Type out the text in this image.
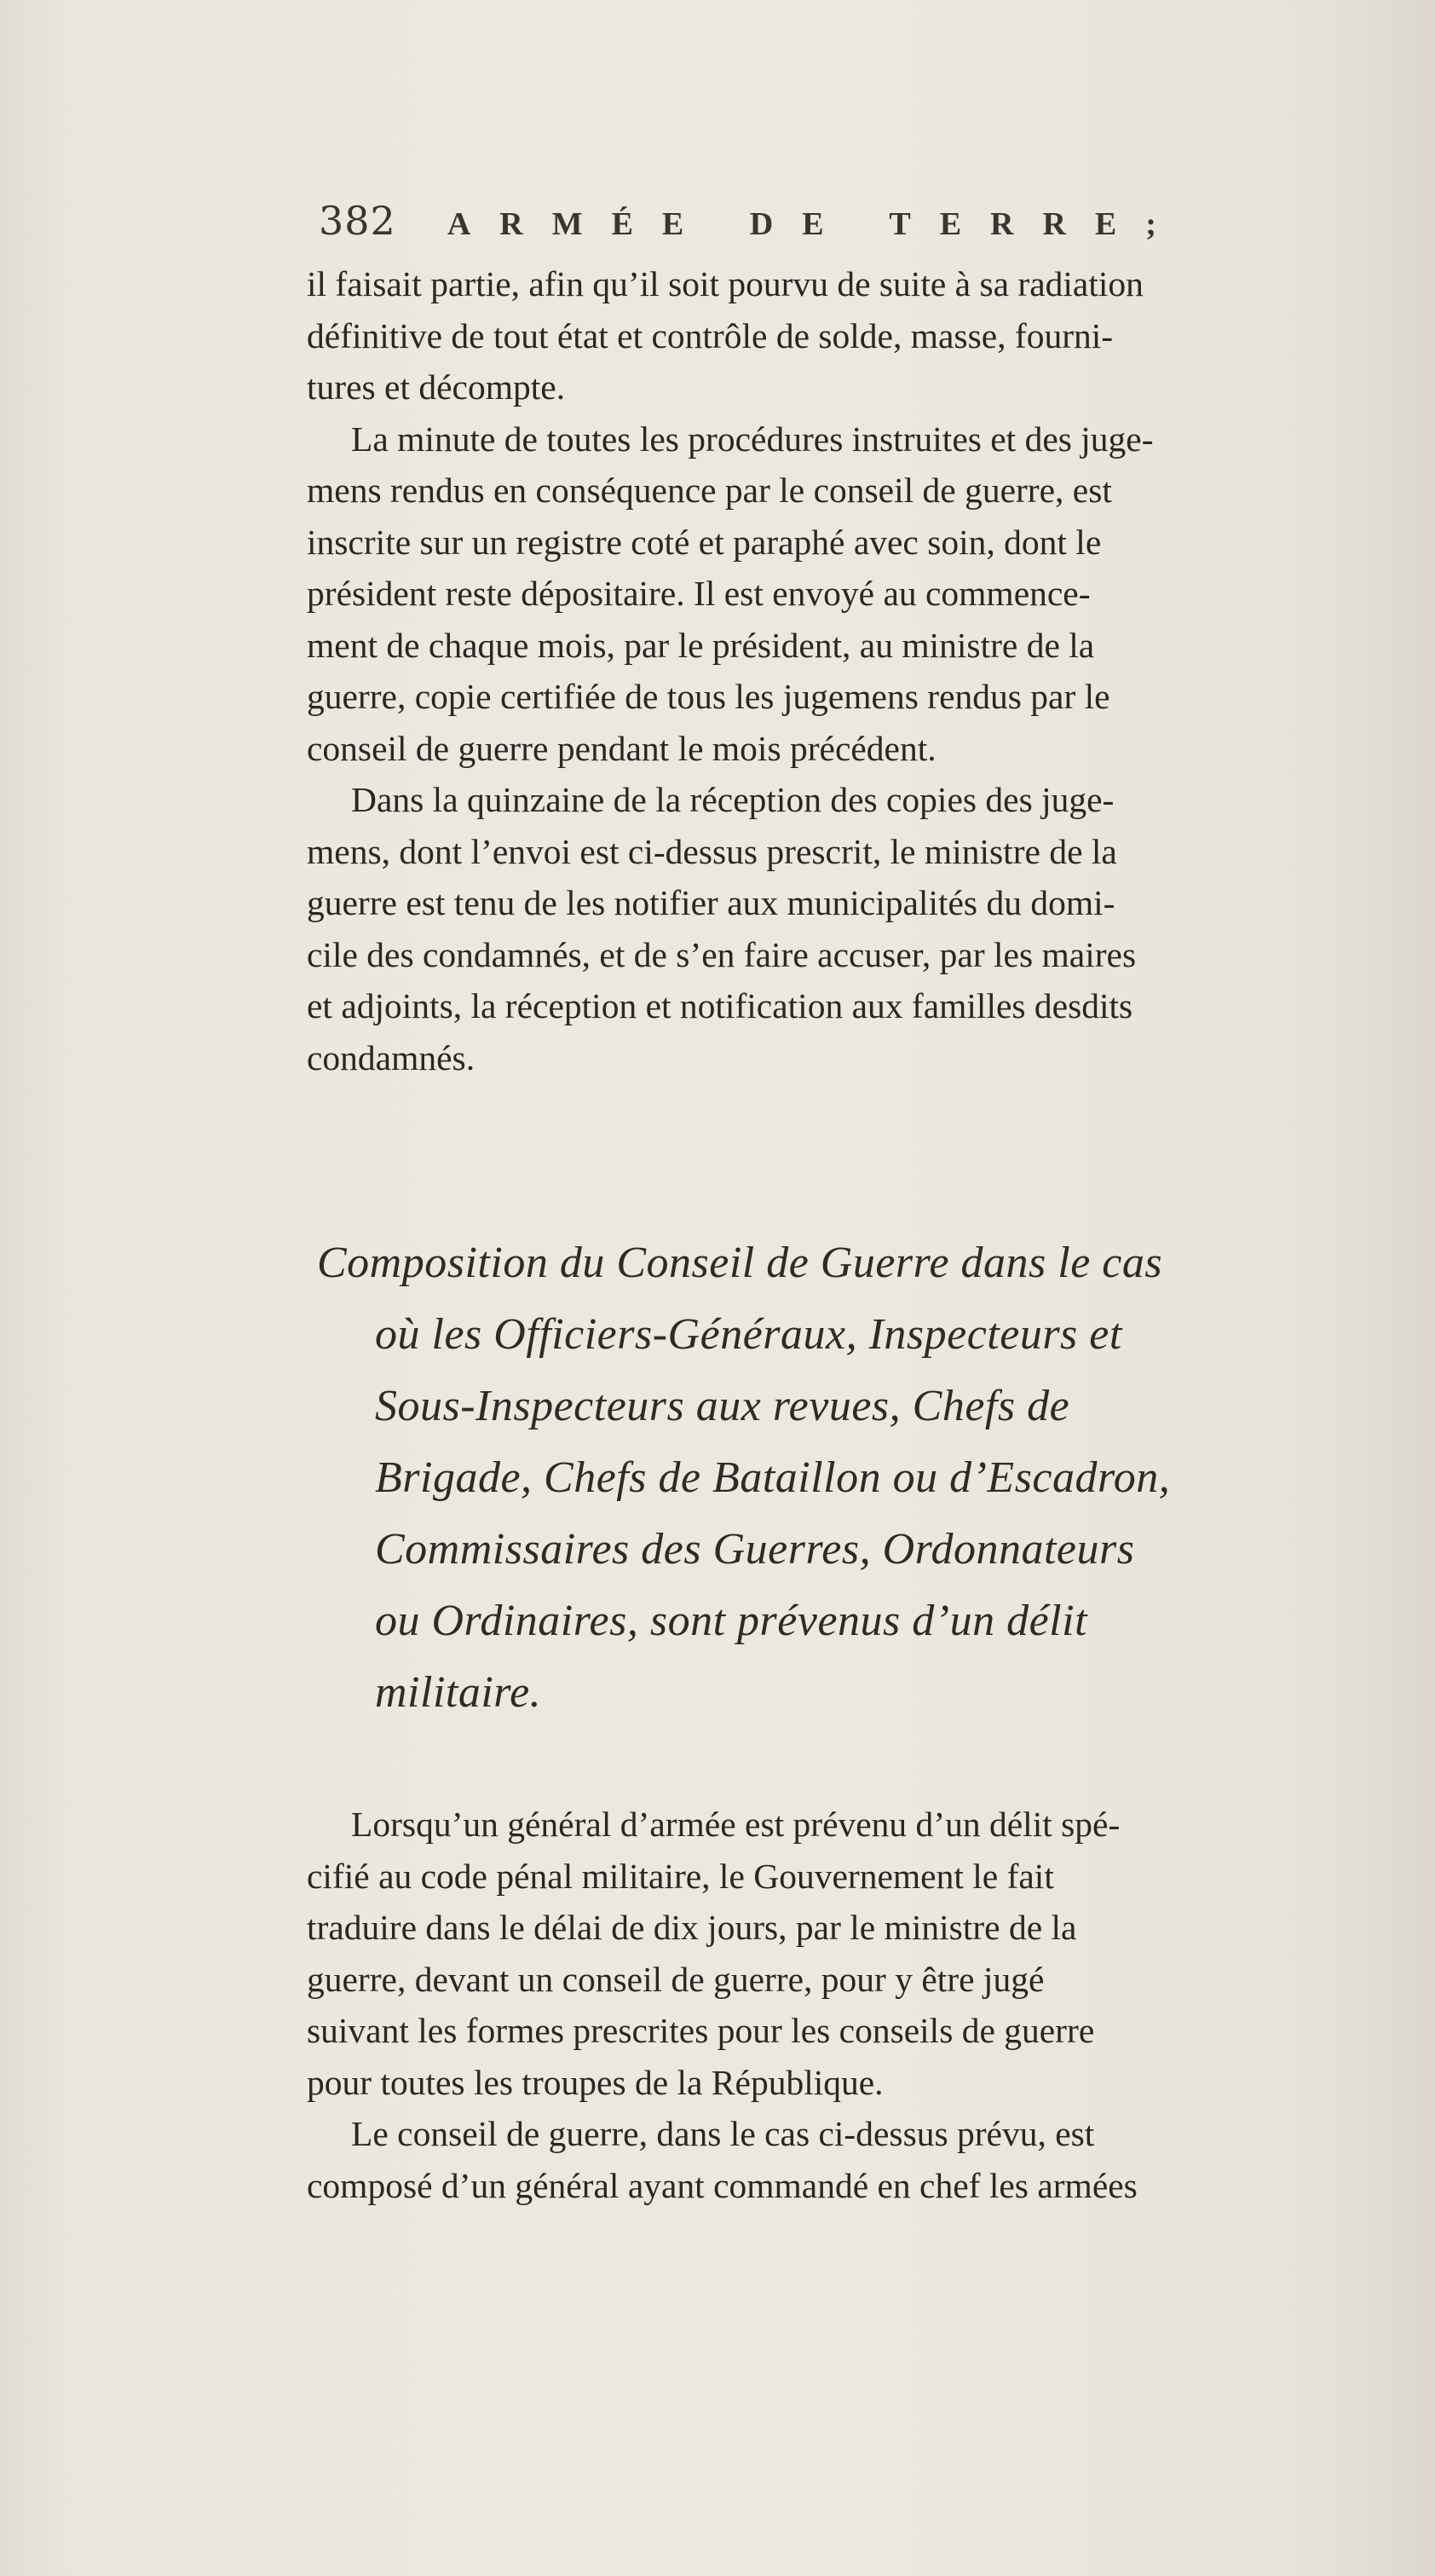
382 ARMÉE DE TERRE;
il faisait partie, afin qu’il soit pourvu de suite à sa radiation
définitive de tout état et contrôle de solde, masse, fourni-
tures et décompte.
La minute de toutes les procédures instruites et des juge-
mens rendus en conséquence par le conseil de guerre, est
inscrite sur un registre coté et paraphé avec soin, dont le
président reste dépositaire. Il est envoyé au commence-
ment de chaque mois, par le président, au ministre de la
guerre, copie certifiée de tous les jugemens rendus par le
conseil de guerre pendant le mois précédent.
Dans la quinzaine de la réception des copies des juge-
mens, dont l’envoi est ci-dessus prescrit, le ministre de la
guerre est tenu de les notifier aux municipalités du domi-
cile des condamnés, et de s’en faire accuser, par les maires
et adjoints, la réception et notification aux familles desdits
condamnés.
Composition du Conseil de Guerre dans le cas
où les Officiers-Généraux, Inspecteurs et
Sous-Inspecteurs aux revues, Chefs de
Brigade, Chefs de Bataillon ou d’Escadron,
Commissaires des Guerres, Ordonnateurs
ou Ordinaires, sont prévenus d’un délit
militaire.
Lorsqu’un général d’armée est prévenu d’un délit spé-
cifié au code pénal militaire, le Gouvernement le fait
traduire dans le délai de dix jours, par le ministre de la
guerre, devant un conseil de guerre, pour y être jugé
suivant les formes prescrites pour les conseils de guerre
pour toutes les troupes de la République.
Le conseil de guerre, dans le cas ci-dessus prévu, est
composé d’un général ayant commandé en chef les armées
